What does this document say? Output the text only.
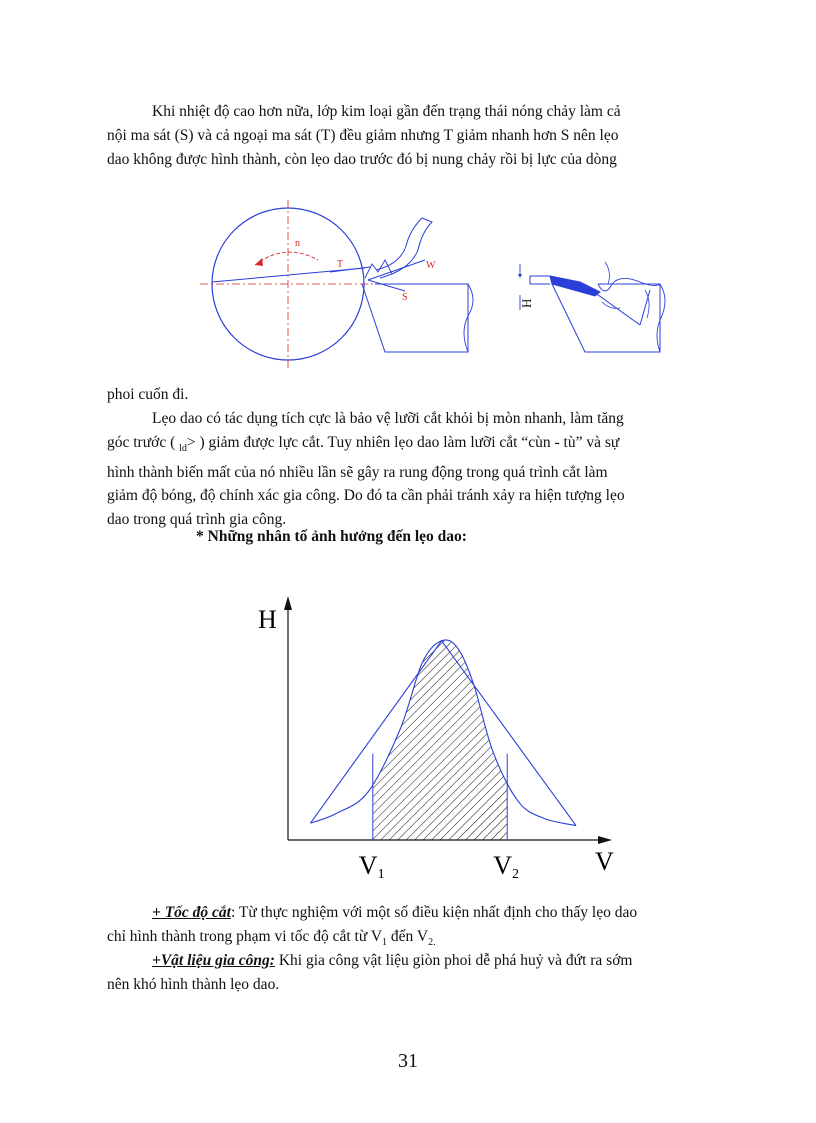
Khi nhiệt độ cao hơn nữa, lớp kim loại gần đến trạng thái nóng chảy làm cả

nội ma sát (S) và cả ngoại ma sát (T) đều giảm nhưng T giảm nhanh hơn S nên lẹo
dao không được hình thành, còn lẹo dao trước đó bị nung chảy rồi bị lực của dòng

n
T	W
S
H

phoi cuốn đi.

Lẹo dao có tác dụng tích cực là bảo vệ lưỡi cắt khỏi bị mòn nhanh, làm tăng

góc trước ( $_{ld}$> ) giảm được lực cắt. Tuy nhiên lẹo dao làm lưỡi cắt “cùn - tù” và sự
hình thành biến mất của nó nhiều lần sẽ gây ra rung động trong quá trình cắt làm
giảm độ bóng, độ chính xác gia công. Do đó ta cần phải tránh xảy ra hiện tượng lẹo
dao trong quá trình gia công.

* Những nhân tố ảnh hưởng đến lẹo dao:

H
V
V1	V2

+ Tốc độ cắt: Từ thực nghiệm với một số điều kiện nhất định cho thấy lẹo dao

chỉ hình thành trong phạm vi tốc độ cắt từ $V_1$ đến $V_{2.}$

+Vật liệu gia công: Khi gia công vật liệu giòn phoi dễ phá huỷ và đứt ra sớm

nên khó hình thành lẹo dao.

31
